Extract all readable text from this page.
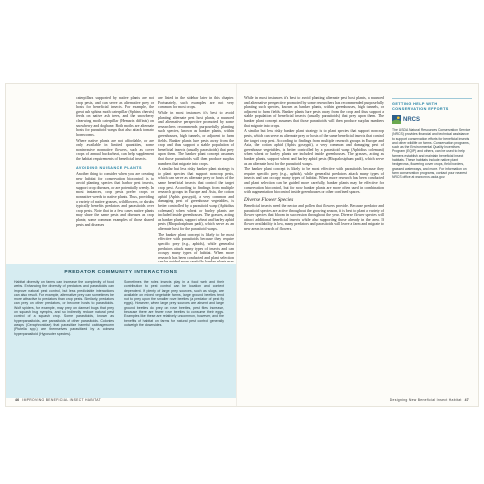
caterpillars supported by native plants are not crop pests, and can serve as alternative prey or hosts for beneficial insects. For example, the great ash sphinx moth caterpillar (Sphinx chersis) feeds on native ash trees, and the snowberry clearwing moth caterpillar (Hemaris diffinis) on snowberry and dogbane. Both moths are alternate hosts for parasitoid wasps that also attack tomato hornworms.

Where native plants are not affordable, or are only available in limited quantities, some noninvasive nonnative flowers, such as cover crops of annual buckwheat, can help supplement the habitat requirements of beneficial insects.

AVOIDING NUISANCE PLANTS

Another thing to consider when you are creating new habitat for conservation biocontrol is to avoid planting species that harbor pest insects, support crop diseases, or are potentially weedy. In most instances, crop pests prefer crops or nonnative weeds to native plants. Thus, providing a variety of native grasses, wildflowers, or shrubs typically benefits predators and parasitoids over crop pests. Note that in a few cases native plants may share the same pests and diseases as crop plants; some common examples of those shared pests and diseases

are listed in the sidebar later in this chapter. Fortunately, such examples are not very common for most crops.

While in most instances it's best to avoid planting alternate pest host plants, a nuanced and alternative perspective promoted by some researchers recommends purposefully planting such species, known as banker plants, within greenhouses, high tunnels, or adjacent to farm fields. Banker plants lure pests away from the crop and thus support a stable population of beneficial insects (usually parasitoids) that prey upon them. The banker plant concept assumes that those parasitoids will then produce surplus numbers that migrate into crops.

A similar but less risky banker plant strategy is to plant species that support noncrop pests, which can serve as alternate prey or hosts of the same beneficial insects that control the target crop pest. According to findings from multiple research groups in Europe and Asia, the cotton aphid (Aphis gossypii), a very common and damaging pest of greenhouse vegetables, is better controlled by a parasitoid wasp (Aphidius colemani) when wheat or barley plants are included inside greenhouses. The grasses, acting as banker plants, support wheat and barley aphid pests (Rhopalosiphum padi), which serve as an alternate host for the parasitoid wasps.

The banker plant concept is likely to be most effective with parasitoids because they require specific prey (e.g., aphids), while generalist predators attack many types of insects and can occupy many types of habitat. When more research has been conducted and plant selection

PREDATOR COMMUNITY INTERACTIONS

Habitat diversity on farms can increase the complexity of food webs. Enhancing the diversity of predators and parasitoids can improve natural pest control, but less predictable interactions can also result. For example, alternative prey can sometimes be more attractive to predators than crop pests. Similarly, predators can prey on other predators, or become hosts to parasitoids. Wolf spiders, for example, may prey on damsel bugs that prey on squash bug nymphs, and so indirectly reduce natural pest control of a squash crop. Some parasitoids, known as hyperparasitoids, are parasitoids of other parasitoids. Colonies wasps (Ceraphronidae) that parasitize harmful cabbageworm (Plutella spp.) are themselves parasitized by a cobsea hyperparasitoid (Hyposoter species).

Sometimes the roles insects play in a food web and their contribution to pest control can be location and context dependent. If plenty of large prey sources, such as slugs, are available on mixed vegetable farms, large ground beetles tend not to prey upon the smaller rove beetles (a predator of pest fly eggs). However, when large prey sources are absent and large ground beetles do prey on rove beetles, pest flies increase, because there are fewer rove beetles to consume their eggs. Examples like these are relatively uncommon, however, and the benefits of habitat on farms for natural pest control generally outweigh the downsides.

46 IMPROVING BENEFICIAL INSECT HABITAT

While in most instances it's best to avoid planting alternate pest host plants, a nuanced and alternative perspective promoted by some researchers has recommended purposefully planting such species, known as banker plants, within greenhouses, high tunnels, or adjacent to farm fields. Banker plants lure pests away from the crop and thus support a stable population of beneficial insects (usually parasitoids) that prey upon them. The banker plant concept assumes that those parasitoids will then produce surplus numbers that migrate into crops.

A similar but less risky banker plant strategy is to plant species that support noncrop pests, which can serve as alternate prey or hosts of the same beneficial insects that control the target crop pest. According to findings from multiple research groups in Europe and Asia, the cotton aphid (Aphis gossypii), a very common and damaging pest of greenhouse vegetables, is better controlled by a parasitoid wasp (Aphidius colemani) when wheat or barley plants are included inside greenhouses. The grasses, acting as banker plants, support wheat and barley aphid pests (Rhopalosiphum padi), which serve as an alternate host for the parasitoid wasps.

The banker plant concept is likely to be most effective with parasitoids because they require specific prey (e.g., aphids), while generalist predators attack many types of insects and can occupy many types of habitat. When more research has been conducted and plant selection can be guided more carefully, banker plants may be effective for conservation biocontrol, but for now banker plants are more often used in combination with augmentation biocontrol inside greenhouses or other confined spaces.

Diverse Flower Species

Beneficial insects need the nectar and pollen that flowers provide. Because predator and parasitoid species are active throughout the growing season, it is best to plant a variety of flower species that bloom in succession throughout the year. Diverse flower species will attract additional beneficial insects while also supporting those already in the area. If flower availability is low, many predators and parasitoids will leave a farm and migrate to new areas in search of flowers.

GETTING HELP WITH CONSERVATION EFFORTS
NRCS

The USDA Natural Resources Conservation Service (NRCS) provides financial and technical assistance to support conservation efforts for beneficial insects and other wildlife on farms. Conservation programs, such as the Environmental Quality Incentives Program (EQIP) and others, can be used to help farmers establish and maintain beneficial insect habitats. These habitats include native plant hedgerows, flowering cover crops, field borders, grassed waterways, and more. For information on farm conservation programs, contact your nearest NRCS office at www.nrcs.usda.gov.

Designing New Beneficial Insect Habitat 47
